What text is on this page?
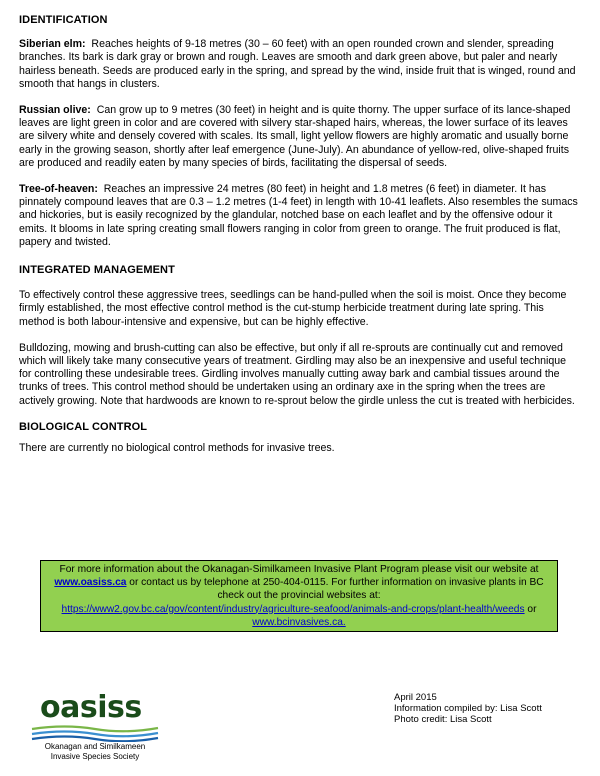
IDENTIFICATION

Siberian elm: Reaches heights of 9-18 metres (30 – 60 feet) with an open rounded crown and slender, spreading branches. Its bark is dark gray or brown and rough. Leaves are smooth and dark green above, but paler and nearly hairless beneath. Seeds are produced early in the spring, and spread by the wind, inside fruit that is winged, round and smooth that hangs in clusters.

Russian olive: Can grow up to 9 metres (30 feet) in height and is quite thorny. The upper surface of its lance-shaped leaves are light green in color and are covered with silvery star-shaped hairs, whereas, the lower surface of its leaves are silvery white and densely covered with scales. Its small, light yellow flowers are highly aromatic and usually borne early in the growing season, shortly after leaf emergence (June-July). An abundance of yellow-red, olive-shaped fruits are produced and readily eaten by many species of birds, facilitating the dispersal of seeds.

Tree-of-heaven: Reaches an impressive 24 metres (80 feet) in height and 1.8 metres (6 feet) in diameter. It has pinnately compound leaves that are 0.3 – 1.2 metres (1-4 feet) in length with 10-41 leaflets. Also resembles the sumacs and hickories, but is easily recognized by the glandular, notched base on each leaflet and by the offensive odour it emits. It blooms in late spring creating small flowers ranging in color from green to orange. The fruit produced is flat, papery and twisted.

INTEGRATED MANAGEMENT

To effectively control these aggressive trees, seedlings can be hand-pulled when the soil is moist. Once they become firmly established, the most effective control method is the cut-stump herbicide treatment during late spring. This method is both labour-intensive and expensive, but can be highly effective.

Bulldozing, mowing and brush-cutting can also be effective, but only if all re-sprouts are continually cut and removed which will likely take many consecutive years of treatment. Girdling may also be an inexpensive and useful technique for controlling these undesirable trees. Girdling involves manually cutting away bark and cambial tissues around the trunks of trees. This control method should be undertaken using an ordinary axe in the spring when the trees are actively growing. Note that hardwoods are known to re-sprout below the girdle unless the cut is treated with herbicides.

BIOLOGICAL CONTROL

There are currently no biological control methods for invasive trees.

For more information about the Okanagan-Similkameen Invasive Plant Program please visit our website at
www.oasiss.ca or contact us by telephone at 250-404-0115. For further information on invasive plants in BC check out the provincial websites at:
https://www2.gov.bc.ca/gov/content/industry/agriculture-seafood/animals-and-crops/plant-health/weeds or
www.bcinvasives.ca.
oasiss
Okanagan and Similkameen
Invasive Species Society
April 2015
Information compiled by: Lisa Scott
Photo credit: Lisa Scott
